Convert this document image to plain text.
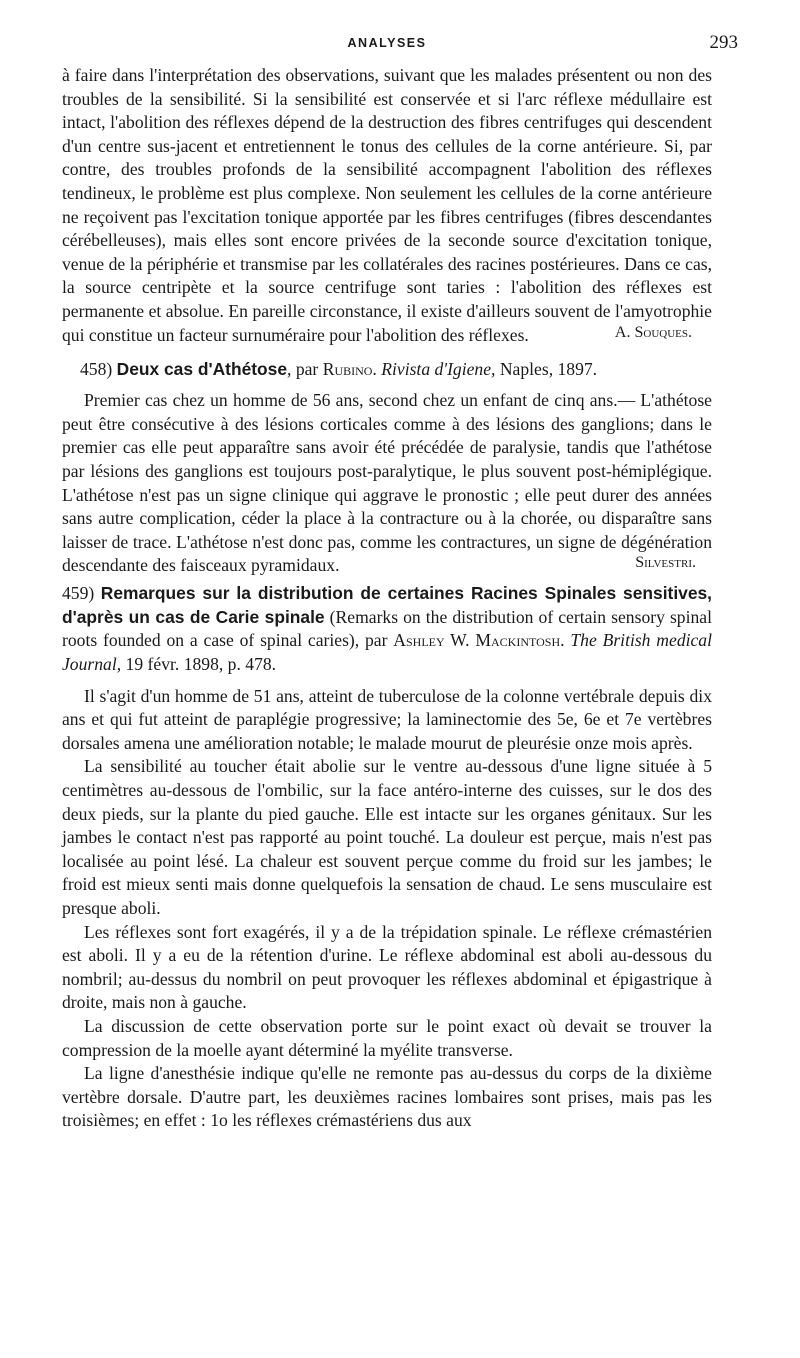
ANALYSES	293

à faire dans l'interprétation des observations, suivant que les malades présentent ou non des troubles de la sensibilité. Si la sensibilité est conservée et si l'arc réflexe médullaire est intact, l'abolition des réflexes dépend de la destruction des fibres centrifuges qui descendent d'un centre sus-jacent et entretiennent le tonus des cellules de la corne antérieure. Si, par contre, des troubles profonds de la sensibilité accompagnent l'abolition des réflexes tendineux, le problème est plus complexe. Non seulement les cellules de la corne antérieure ne reçoivent pas l'excitation tonique apportée par les fibres centrifuges (fibres descendantes cérébelleuses), mais elles sont encore privées de la seconde source d'excitation tonique, venue de la périphérie et transmise par les collatérales des racines postérieures. Dans ce cas, la source centripète et la source centrifuge sont taries : l'abolition des réflexes est permanente et absolue. En pareille circonstance, il existe d'ailleurs souvent de l'amyotrophie qui constitue un facteur surnuméraire pour l'abolition des réflexes.	A. Souques.
458) Deux cas d'Athétose, par Rubino. Rivista d'Igiene, Naples, 1897.

Premier cas chez un homme de 56 ans, second chez un enfant de cinq ans.— L'athétose peut être consécutive à des lésions corticales comme à des lésions des ganglions; dans le premier cas elle peut apparaître sans avoir été précédée de paralysie, tandis que l'athétose par lésions des ganglions est toujours post-paralytique, le plus souvent post-hémiplégique. L'athétose n'est pas un signe clinique qui aggrave le pronostic ; elle peut durer des années sans autre complication, céder la place à la contracture ou à la chorée, ou disparaître sans laisser de trace. L'athétose n'est donc pas, comme les contractures, un signe de dégénération descendante des faisceaux pyramidaux.	Silvestri.

459) Remarques sur la distribution de certaines Racines Spinales sensitives, d'après un cas de Carie spinale (Remarks on the distribution of certain sensory spinal roots founded on a case of spinal caries), par Ashley W. Mackintosh. The British medical Journal, 19 févr. 1898, p. 478.

Il s'agit d'un homme de 51 ans, atteint de tuberculose de la colonne vertébrale depuis dix ans et qui fut atteint de paraplégie progressive; la laminectomie des 5e, 6e et 7e vertèbres dorsales amena une amélioration notable; le malade mourut de pleurésie onze mois après.

La sensibilité au toucher était abolie sur le ventre au-dessous d'une ligne située à 5 centimètres au-dessous de l'ombilic, sur la face antéro-interne des cuisses, sur le dos des deux pieds, sur la plante du pied gauche. Elle est intacte sur les organes génitaux. Sur les jambes le contact n'est pas rapporté au point touché. La douleur est perçue, mais n'est pas localisée au point lésé. La chaleur est souvent perçue comme du froid sur les jambes; le froid est mieux senti mais donne quelquefois la sensation de chaud. Le sens musculaire est presque aboli.

Les réflexes sont fort exagérés, il y a de la trépidation spinale. Le réflexe crémastérien est aboli. Il y a eu de la rétention d'urine. Le réflexe abdominal est aboli au-dessous du nombril; au-dessus du nombril on peut provoquer les réflexes abdominal et épigastrique à droite, mais non à gauche.

La discussion de cette observation porte sur le point exact où devait se trouver la compression de la moelle ayant déterminé la myélite transverse.

La ligne d'anesthésie indique qu'elle ne remonte pas au-dessus du corps de la dixième vertèbre dorsale. D'autre part, les deuxièmes racines lombaires sont prises, mais pas les troisièmes; en effet : 1o les réflexes crémastériens dus aux
